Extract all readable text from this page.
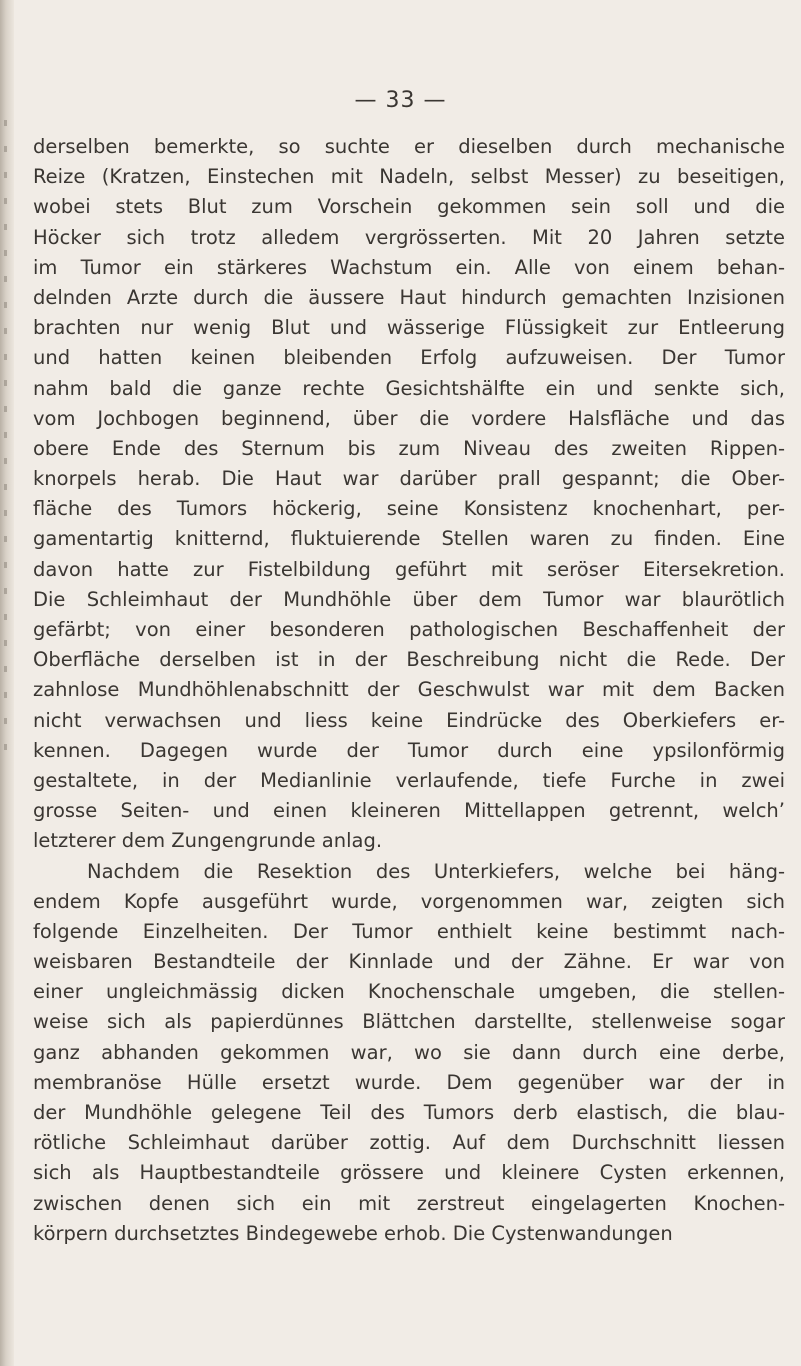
— 33 —
derselben bemerkte, so suchte er dieselben durch mechanische
Reize (Kratzen, Einstechen mit Nadeln, selbst Messer) zu beseitigen,
wobei stets Blut zum Vorschein gekommen sein soll und die
Höcker sich trotz alledem vergrösserten. Mit 20 Jahren setzte
im Tumor ein stärkeres Wachstum ein. Alle von einem behan-
delnden Arzte durch die äussere Haut hindurch gemachten Inzisionen
brachten nur wenig Blut und wässerige Flüssigkeit zur Entleerung
und hatten keinen bleibenden Erfolg aufzuweisen. Der Tumor
nahm bald die ganze rechte Gesichtshälfte ein und senkte sich,
vom Jochbogen beginnend, über die vordere Halsfläche und das
obere Ende des Sternum bis zum Niveau des zweiten Rippen-
knorpels herab. Die Haut war darüber prall gespannt; die Ober-
fläche des Tumors höckerig, seine Konsistenz knochenhart, per-
gamentartig knitternd, fluktuierende Stellen waren zu finden. Eine
davon hatte zur Fistelbildung geführt mit seröser Eitersekretion.
Die Schleimhaut der Mundhöhle über dem Tumor war blaurötlich
gefärbt; von einer besonderen pathologischen Beschaffenheit der
Oberfläche derselben ist in der Beschreibung nicht die Rede. Der
zahnlose Mundhöhlenabschnitt der Geschwulst war mit dem Backen
nicht verwachsen und liess keine Eindrücke des Oberkiefers er-
kennen. Dagegen wurde der Tumor durch eine ypsilonförmig
gestaltete, in der Medianlinie verlaufende, tiefe Furche in zwei
grosse Seiten- und einen kleineren Mittellappen getrennt, welch’
letzterer dem Zungengrunde anlag.
Nachdem die Resektion des Unterkiefers, welche bei häng-
endem Kopfe ausgeführt wurde, vorgenommen war, zeigten sich
folgende Einzelheiten. Der Tumor enthielt keine bestimmt nach-
weisbaren Bestandteile der Kinnlade und der Zähne. Er war von
einer ungleichmässig dicken Knochenschale umgeben, die stellen-
weise sich als papierdünnes Blättchen darstellte, stellenweise sogar
ganz abhanden gekommen war, wo sie dann durch eine derbe,
membranöse Hülle ersetzt wurde. Dem gegenüber war der in
der Mundhöhle gelegene Teil des Tumors derb elastisch, die blau-
rötliche Schleimhaut darüber zottig. Auf dem Durchschnitt liessen
sich als Hauptbestandteile grössere und kleinere Cysten erkennen,
zwischen denen sich ein mit zerstreut eingelagerten Knochen-
körpern durchsetztes Bindegewebe erhob. Die Cystenwandungen
